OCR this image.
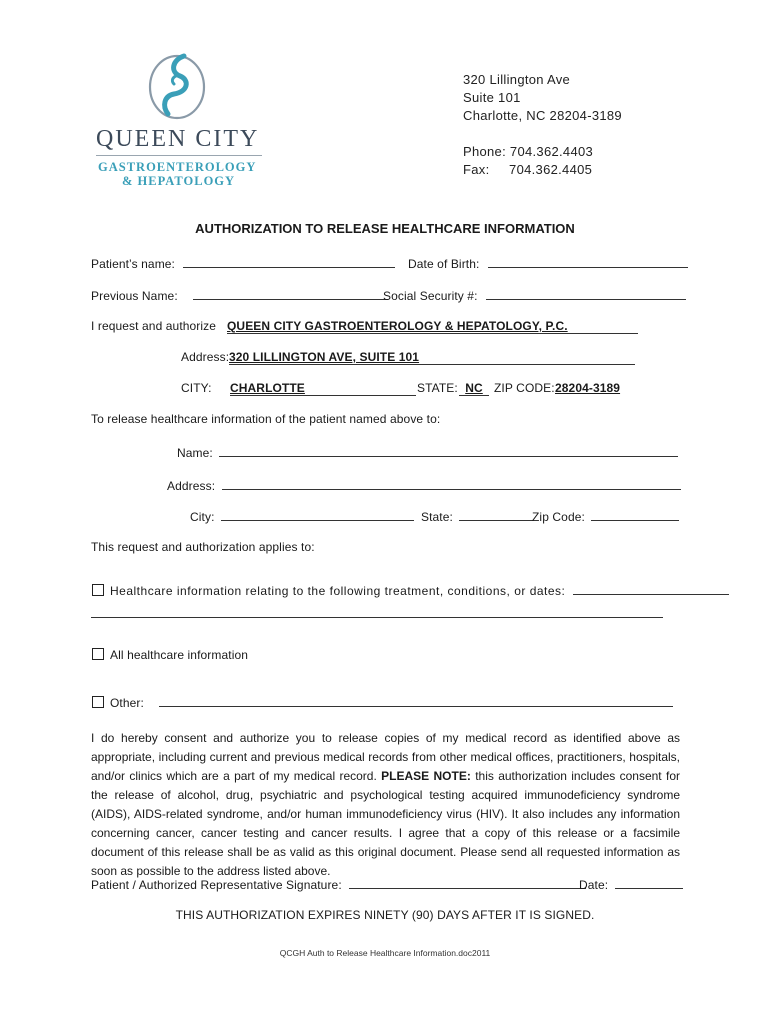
QUEEN CITY
GASTROENTEROLOGY
& HEPATOLOGY
320 Lillington Ave
Suite 101
Charlotte, NC 28204-3189
Phone: 704.362.4403
Fax:     704.362.4405
AUTHORIZATION TO RELEASE HEALTHCARE INFORMATION
Patient’s name:	Date of Birth:
Previous Name:	Social Security #:
I request and authorize QUEEN CITY GASTROENTEROLOGY & HEPATOLOGY, P.C.
Address: 320 LILLINGTON AVE, SUITE 101
CITY: CHARLOTTE	STATE: NC ZIP CODE: 28204-3189
To release healthcare information of the patient named above to:
Name:
Address:
City:	State:	Zip Code:
This request and authorization applies to:
Healthcare information relating to the following treatment, conditions, or dates:
All healthcare information
Other:
I do hereby consent and authorize you to release copies of my medical record as identified above as appropriate, including current and previous medical records from other medical offices, practitioners, hospitals, and/or clinics which are a part of my medical record. PLEASE NOTE: this authorization includes consent for the release of alcohol, drug, psychiatric and psychological testing acquired immunodeficiency syndrome (AIDS), AIDS-related syndrome, and/or human immunodeficiency virus (HIV). It also includes any information concerning cancer, cancer testing and cancer results. I agree that a copy of this release or a facsimile document of this release shall be as valid as this original document. Please send all requested information as soon as possible to the address listed above.
Patient / Authorized Representative Signature:	Date:
THIS AUTHORIZATION EXPIRES NINETY (90) DAYS AFTER IT IS SIGNED.
QCGH Auth to Release Healthcare Information.doc2011
